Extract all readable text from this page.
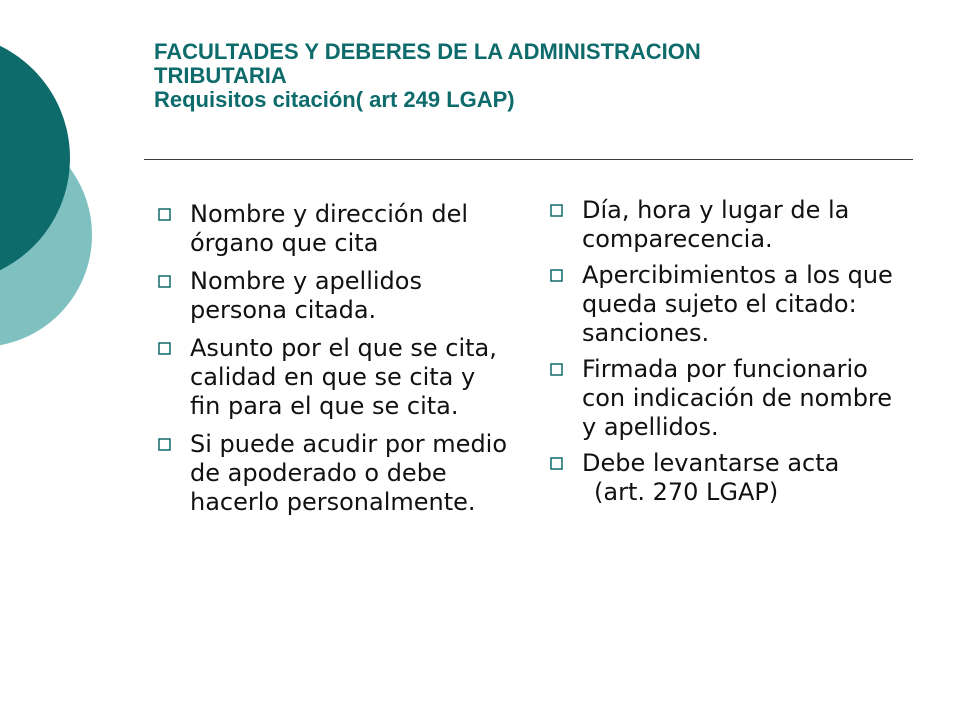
FACULTADES Y DEBERES DE LA ADMINISTRACION
TRIBUTARIA
Requisitos citación( art 249 LGAP)
Nombre y dirección del órgano que cita
Nombre y apellidos persona citada.
Asunto por el que se cita, calidad en que se cita y fin para el que se cita.
Si puede acudir por medio de apoderado o debe hacerlo personalmente.
Día, hora y lugar de la comparecencia.
Apercibimientos a los que queda sujeto el citado: sanciones.
Firmada por funcionario con indicación de nombre y apellidos.
Debe levantarse acta
(art. 270 LGAP)
